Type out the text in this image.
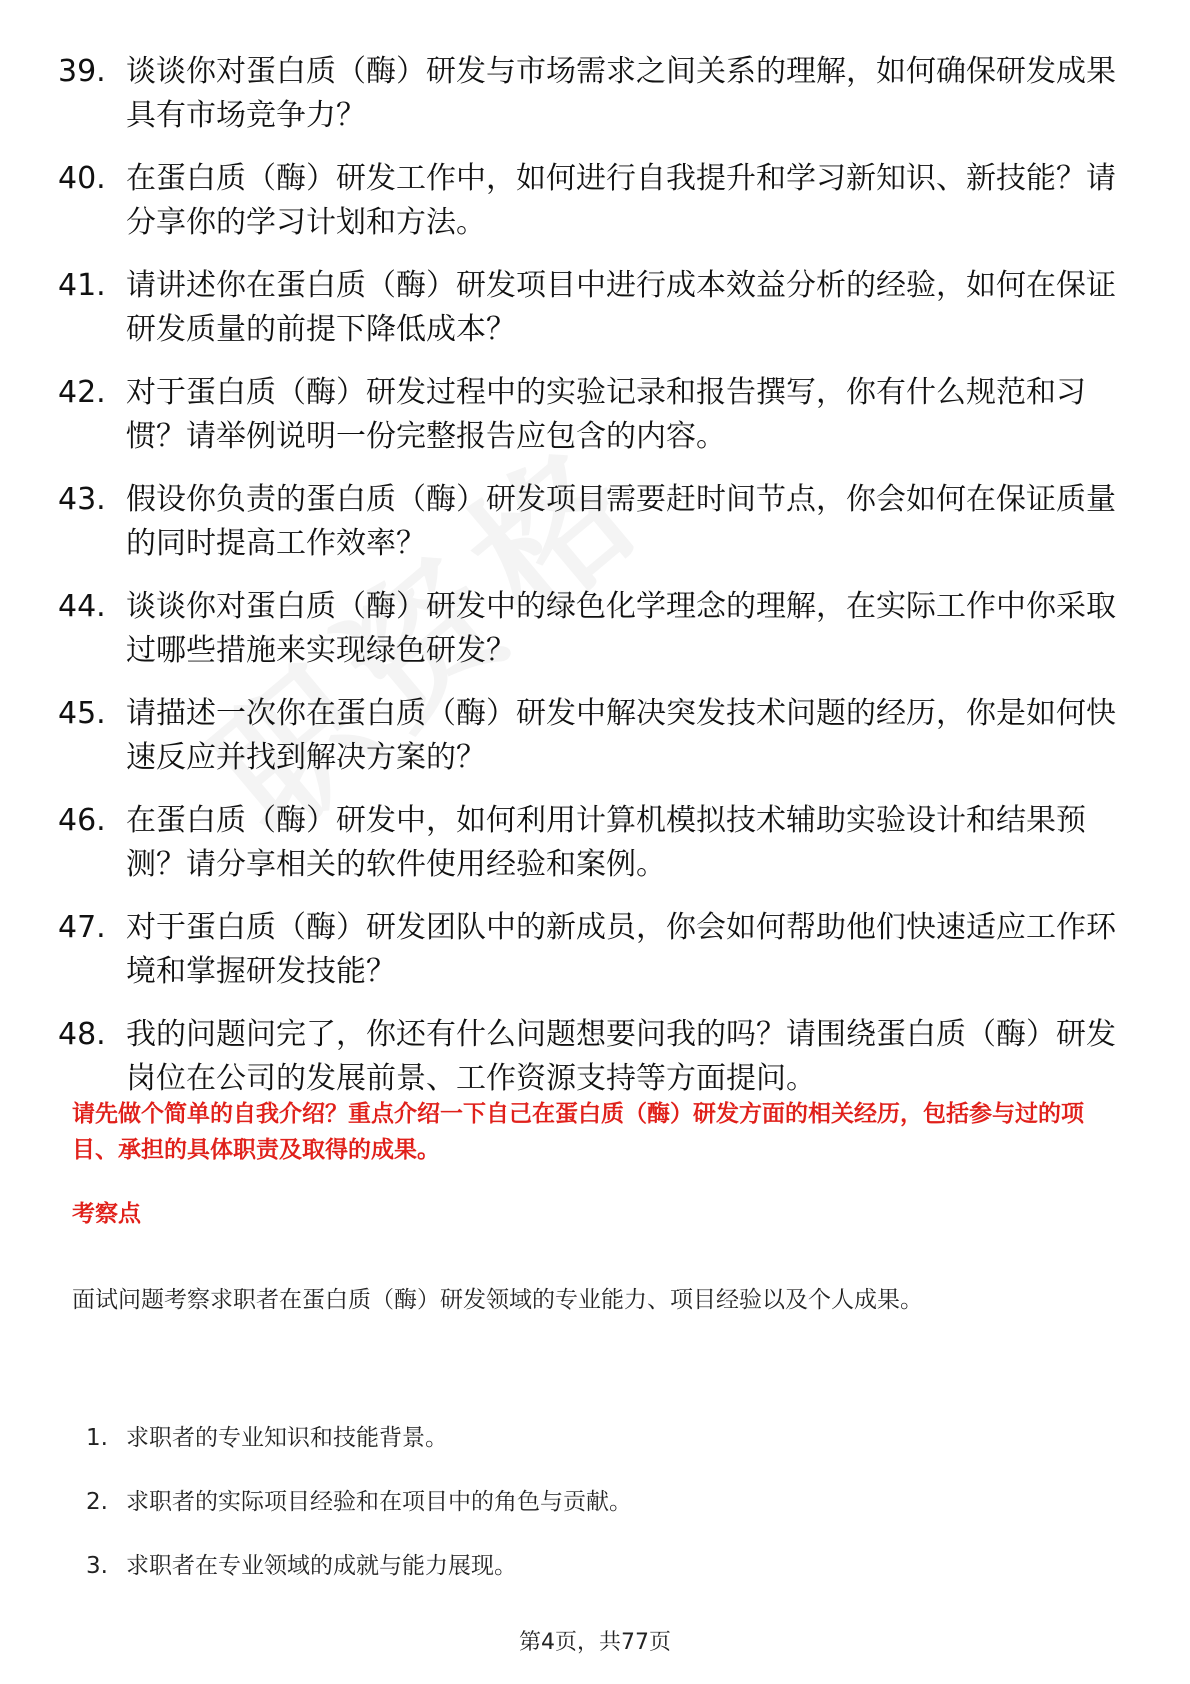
39. 谈谈你对蛋白质（酶）研发与市场需求之间关系的理解，如何确保研发成果具有市场竞争力？
40. 在蛋白质（酶）研发工作中，如何进行自我提升和学习新知识、新技能？请分享你的学习计划和方法。
41. 请讲述你在蛋白质（酶）研发项目中进行成本效益分析的经验，如何在保证研发质量的前提下降低成本？
42. 对于蛋白质（酶）研发过程中的实验记录和报告撰写，你有什么规范和习惯？请举例说明一份完整报告应包含的内容。
43. 假设你负责的蛋白质（酶）研发项目需要赶时间节点，你会如何在保证质量的同时提高工作效率？
44. 谈谈你对蛋白质（酶）研发中的绿色化学理念的理解，在实际工作中你采取过哪些措施来实现绿色研发？
45. 请描述一次你在蛋白质（酶）研发中解决突发技术问题的经历，你是如何快速反应并找到解决方案的？
46. 在蛋白质（酶）研发中，如何利用计算机模拟技术辅助实验设计和结果预测？请分享相关的软件使用经验和案例。
47. 对于蛋白质（酶）研发团队中的新成员，你会如何帮助他们快速适应工作环境和掌握研发技能？
48. 我的问题问完了，你还有什么问题想要问我的吗？请围绕蛋白质（酶）研发岗位在公司的发展前景、工作资源支持等方面提问。
请先做个简单的自我介绍？重点介绍一下自己在蛋白质（酶）研发方面的相关经历，包括参与过的项目、承担的具体职责及取得的成果。
考察点
面试问题考察求职者在蛋白质（酶）研发领域的专业能力、项目经验以及个人成果。
1. 求职者的专业知识和技能背景。
2. 求职者的实际项目经验和在项目中的角色与贡献。
3. 求职者在专业领域的成就与能力展现。
第4页，共77页
